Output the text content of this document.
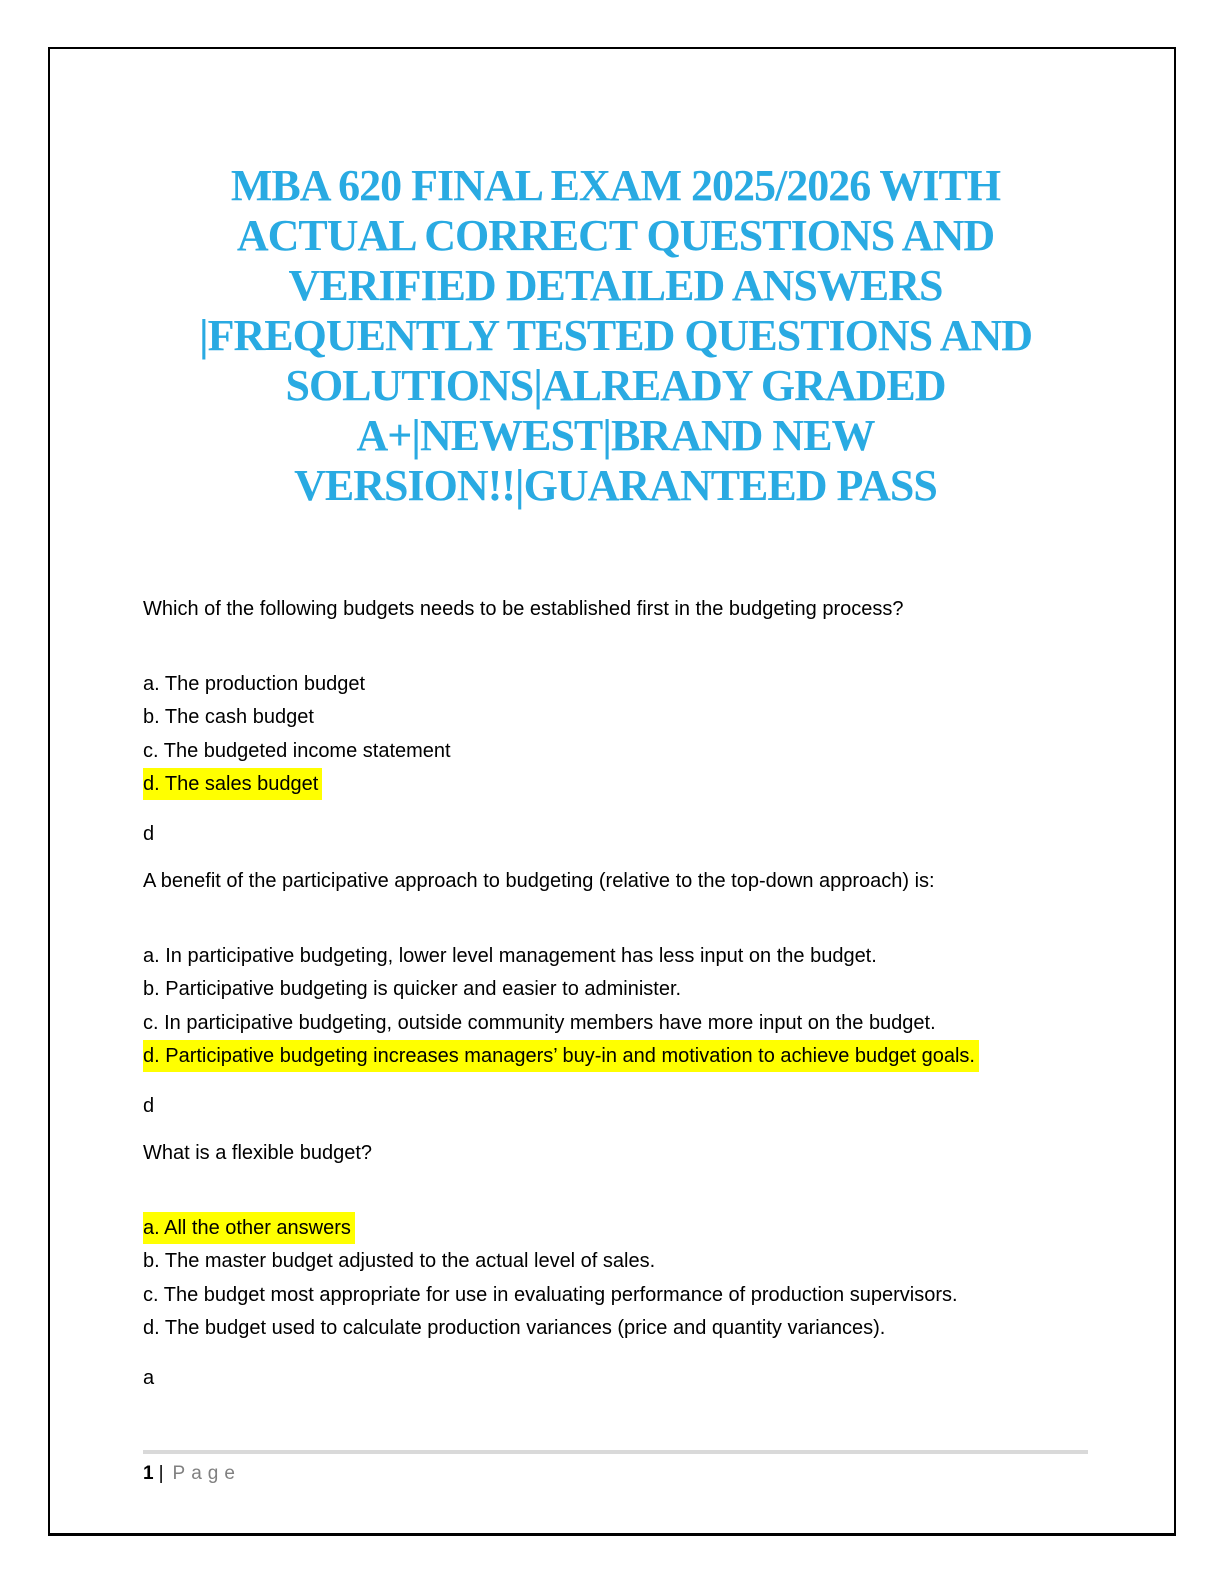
MBA 620 FINAL EXAM 2025/2026 WITH
ACTUAL CORRECT QUESTIONS AND
VERIFIED DETAILED ANSWERS
|FREQUENTLY TESTED QUESTIONS AND
SOLUTIONS|ALREADY GRADED
A+|NEWEST|BRAND NEW
VERSION!!|GUARANTEED PASS

Which of the following budgets needs to be established first in the budgeting process?

a. The production budget
b. The cash budget
c. The budgeted income statement
d. The sales budget

d

A benefit of the participative approach to budgeting (relative to the top-down approach) is:

a. In participative budgeting, lower level management has less input on the budget.
b. Participative budgeting is quicker and easier to administer.
c. In participative budgeting, outside community members have more input on the budget.
d. Participative budgeting increases managers’ buy-in and motivation to achieve budget goals.

d

What is a flexible budget?

a. All the other answers
b. The master budget adjusted to the actual level of sales.
c. The budget most appropriate for use in evaluating performance of production supervisors.
d. The budget used to calculate production variances (price and quantity variances).

a

1 | Page
